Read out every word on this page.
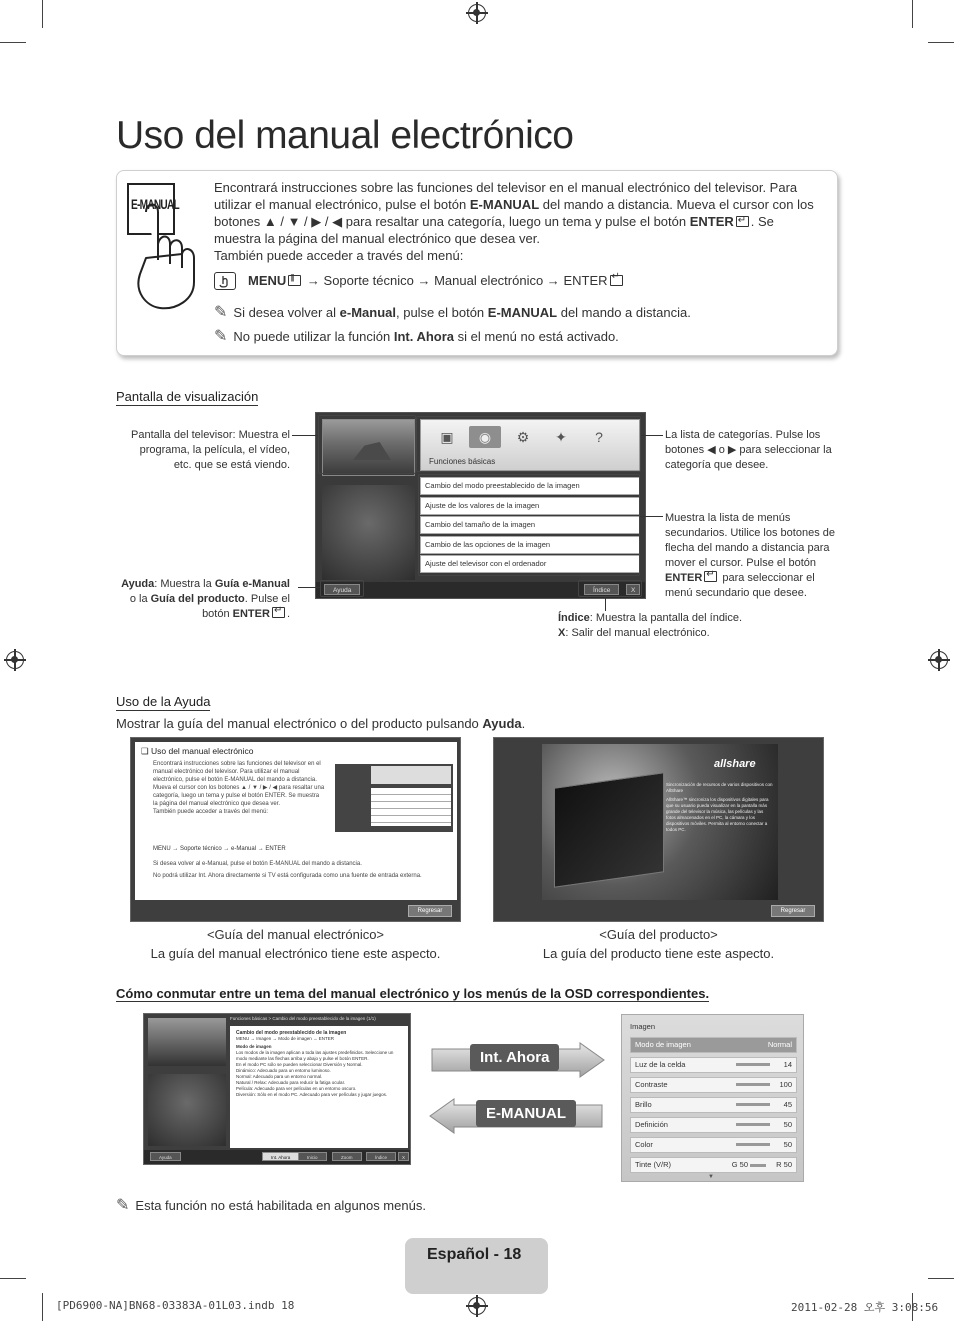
Uso del manual electrónico
E-MANUAL
Encontrará instrucciones sobre las funciones del televisor en el manual electrónico del televisor. Para utilizar el manual electrónico, pulse el botón E-MANUAL del mando a distancia. Mueva el cursor con los botones ▲ / ▼ / ▶ / ◀ para resaltar una categoría, luego un tema y pulse el botón ENTER ↵ . Se muestra la página del manual electrónico que desea ver.
También puede acceder a través del menú:
MENU ||| → Soporte técnico → Manual electrónico → ENTER↵
✎ Si desea volver al e-Manual, pulse el botón E-MANUAL del mando a distancia.
✎ No puede utilizar la función Int. Ahora si el menú no está activado.
Pantalla de visualización
Pantalla del televisor: Muestra el programa, la película, el vídeo, etc. que se está viendo.
Ayuda: Muestra la Guía e-Manual o la Guía del producto. Pulse el botón ENTER ↵ .
▣	◉	⚙	✦	?
Funciones básicas
Cambio del modo preestablecido de la imagen
Ajuste de los valores de la imagen
Cambio del tamaño de la imagen
Cambio de las opciones de la imagen
Ajuste del televisor con el ordenador
Ayuda	Índice	X
La lista de categorías. Pulse los botones ◀ o ▶ para seleccionar la categoría que desee.
Muestra la lista de menús secundarios. Utilice los botones de flecha del mando a distancia para mover el cursor. Pulse el botón ENTER↵ para seleccionar el menú secundario que desee.
Índice: Muestra la pantalla del índice.
X: Salir del manual electrónico.
Uso de la Ayuda
Mostrar la guía del manual electrónico o del producto pulsando Ayuda.
❑ Uso del manual electrónico
Encontrará instrucciones sobre las funciones del televisor en el manual electrónico del televisor. Para utilizar el manual electrónico, pulse el botón E-MANUAL del mando a distancia. Mueva el cursor con los botones ▲ / ▼ / ▶ / ◀ para resaltar una categoría, luego un tema y pulse el botón ENTER. Se muestra la página del manual electrónico que desea ver.
También puede acceder a través del menú:
MENU → Soporte técnico → e-Manual → ENTER
Si desea volver al e-Manual, pulse el botón E-MANUAL del mando a distancia.
No podrá utilizar Int. Ahora directamente si TV está configurada como una fuente de entrada externa.
Regresar
allshare
Sincronización de recursos de varios dispositivos con AllShare
AllShare™ sincroniza los dispositivos digitales para que su usuario pueda visualizar en la pantalla más grande del televisor la música, las películas y las fotos almacenados en el PC, la cámara y los dispositivos móviles. Permita al entorno conectar a todos PC.
Regresar
<Guía del manual electrónico>
La guía del manual electrónico tiene este aspecto.
<Guía del producto>
La guía del producto tiene este aspecto.
Cómo conmutar entre un tema del manual electrónico y los menús de la OSD correspondientes.
Funciones básicas > Cambio del modo preestablecido de la imagen (1/1)
Cambio del modo preestablecido de la imagen
MENU → Imagen → Modo de imagen → ENTER
Modo de imagen
Los modos de la imagen aplican a toda las ajustes predefinidos. Seleccione un modo mediante las flechas arriba y abajo y pulse el botón ENTER.
En el modo PC sólo se pueden seleccionar Diversión y Normal.
Dinámico: Adecuado para un entorno luminoso.
Normal: Adecuado para un entorno normal.
Natural / Relax: Adecuado para reducir la fatiga ocular.
Película: Adecuado para ver películas en un entorno oscuro.
Diversión: Sólo en el modo PC. Adecuado para ver películas y jugar juegos.
Ayuda	Int. Ahora	Inicio	Zoom	Índice	X
Int. Ahora
E-MANUAL
Imagen
Modo de imagen	Normal
Luz de la celda	14
Contraste	100
Brillo	45
Definición	50
Color	50
Tinte (V/R)	G 50	R 50
▼
✎ Esta función no está habilitada en algunos menús.
Español - 18
[PD6900-NA]BN68-03383A-01L03.indb 18	2011-02-28 오후 3:08:56
